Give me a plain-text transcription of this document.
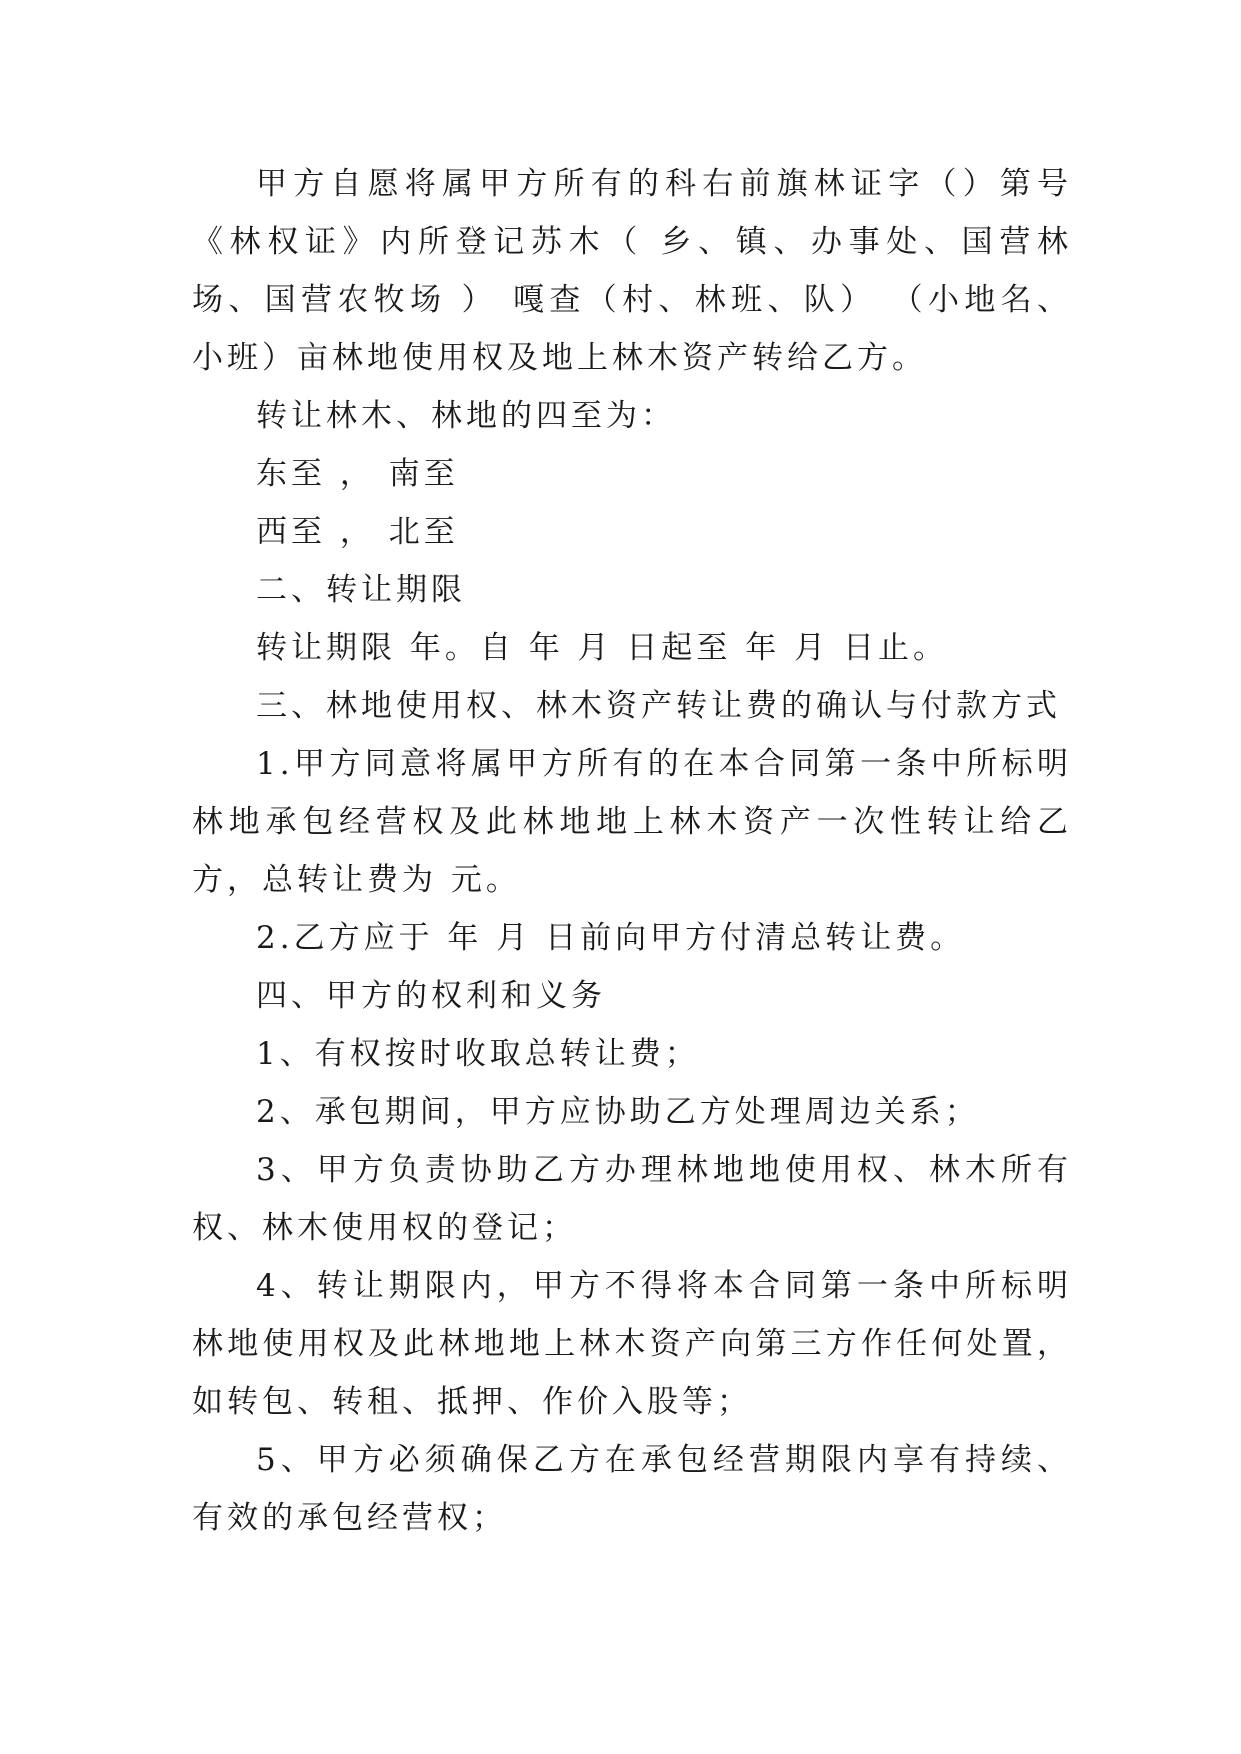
甲方自愿将属甲方所有的科右前旗林证字（）第号《林权证》内所登记苏木（ 乡、镇、办事处、国营林场、国营农牧场 ） 嘎查（村、林班、队） （小地名、小班）亩林地使用权及地上林木资产转给乙方。

转让林木、林地的四至为：

东至 ， 南至

西至 ， 北至

二、转让期限

转让期限 年。自 年 月 日起至 年 月 日止。

三、林地使用权、林木资产转让费的确认与付款方式

1.甲方同意将属甲方所有的在本合同第一条中所标明林地承包经营权及此林地地上林木资产一次性转让给乙方，总转让费为 元。

2.乙方应于 年 月 日前向甲方付清总转让费。

四、甲方的权利和义务

1、有权按时收取总转让费；

2、承包期间，甲方应协助乙方处理周边关系；

3、甲方负责协助乙方办理林地地使用权、林木所有权、林木使用权的登记；

4、转让期限内，甲方不得将本合同第一条中所标明林地使用权及此林地地上林木资产向第三方作任何处置，如转包、转租、抵押、作价入股等；

5、甲方必须确保乙方在承包经营期限内享有持续、有效的承包经营权；
